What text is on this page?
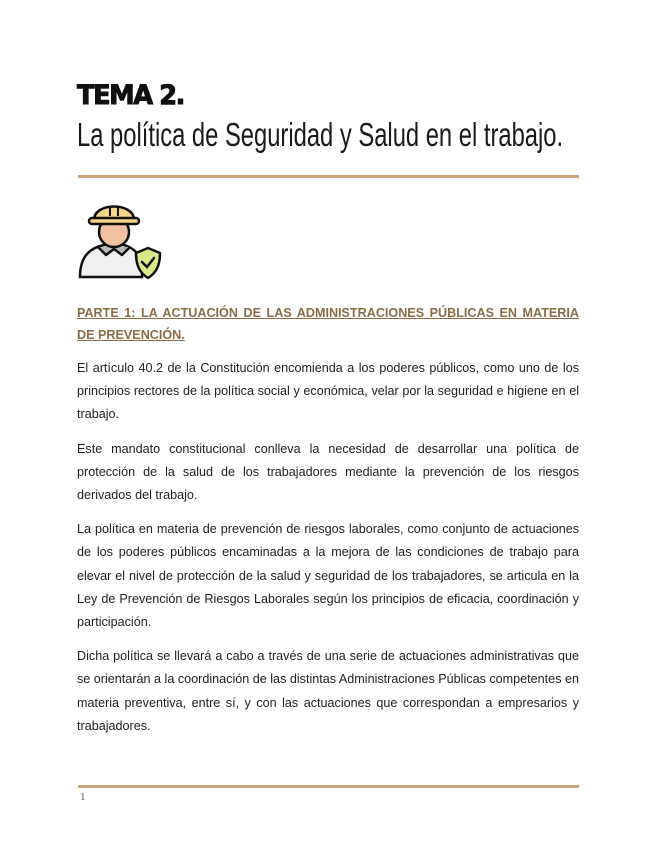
TEMA 2.
La política de Seguridad y Salud en el trabajo.
PARTE 1: LA ACTUACIÓN DE LAS ADMINISTRACIONES PÚBLICAS EN MATERIA DE PREVENCIÓN.

El artículo 40.2 de la Constitución encomienda a los poderes públicos, como uno de los principios rectores de la política social y económica, velar por la seguridad e higiene en el trabajo.

Este mandato constitucional conlleva la necesidad de desarrollar una política de protección de la salud de los trabajadores mediante la prevención de los riesgos derivados del trabajo.

La política en materia de prevención de riesgos laborales, como conjunto de actuaciones de los poderes públicos encaminadas a la mejora de las condiciones de trabajo para elevar el nivel de protección de la salud y seguridad de los trabajadores, se articula en la Ley de Prevención de Riesgos Laborales según los principios de eficacia, coordinación y participación.

Dicha política se llevará a cabo a través de una serie de actuaciones administrativas que se orientarán a la coordinación de las distintas Administraciones Públicas competentes en materia preventiva, entre sí, y con las actuaciones que correspondan a empresarios y trabajadores.

1
